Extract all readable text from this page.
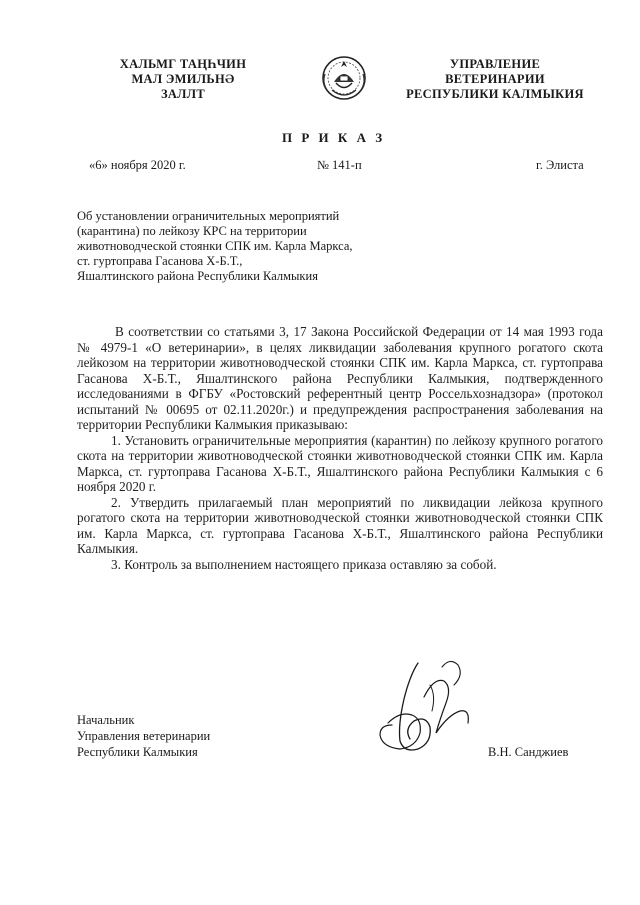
ХАЛЬМГ ТАҢҺЧИН
МАЛ ЭМИЛЬНӘ
ЗАЛЛТ
УПРАВЛЕНИЕ
ВЕТЕРИНАРИИ
РЕСПУБЛИКИ КАЛМЫКИЯ
П Р И К А З
«6» ноября 2020 г.	№ 141-п	г. Элиста
Об установлении ограничительных мероприятий
(карантина) по лейкозу КРС на территории
животноводческой стоянки СПК им. Карла Маркса,
ст. гуртоправа Гасанова Х-Б.Т.,
Яшалтинского района Республики Калмыкия

В соответствии со статьями 3, 17 Закона Российской Федерации от 14 мая 1993 года № 4979-1 «О ветеринарии», в целях ликвидации заболевания крупного рогатого скота лейкозом на территории животноводческой стоянки СПК им. Карла Маркса, ст. гуртоправа Гасанова Х-Б.Т., Яшалтинского района Республики Калмыкия, подтвержденного исследованиями в ФГБУ «Ростовский референтный центр Россельхознадзора» (протокол испытаний № 00695 от 02.11.2020г.) и предупреждения распространения заболевания на территории Республики Калмыкия приказываю:

1. Установить ограничительные мероприятия (карантин) по лейкозу крупного рогатого скота на территории животноводческой стоянки животноводческой стоянки СПК им. Карла Маркса, ст. гуртоправа Гасанова Х-Б.Т., Яшалтинского района Республики Калмыкия с 6 ноября 2020 г.

2. Утвердить прилагаемый план мероприятий по ликвидации лейкоза крупного рогатого скота на территории животноводческой стоянки животноводческой стоянки СПК им. Карла Маркса, ст. гуртоправа Гасанова Х-Б.Т., Яшалтинского района Республики Калмыкия.

3. Контроль за выполнением настоящего приказа оставляю за собой.

Начальник
Управления ветеринарии
Республики Калмыкия	В.Н. Санджиев
